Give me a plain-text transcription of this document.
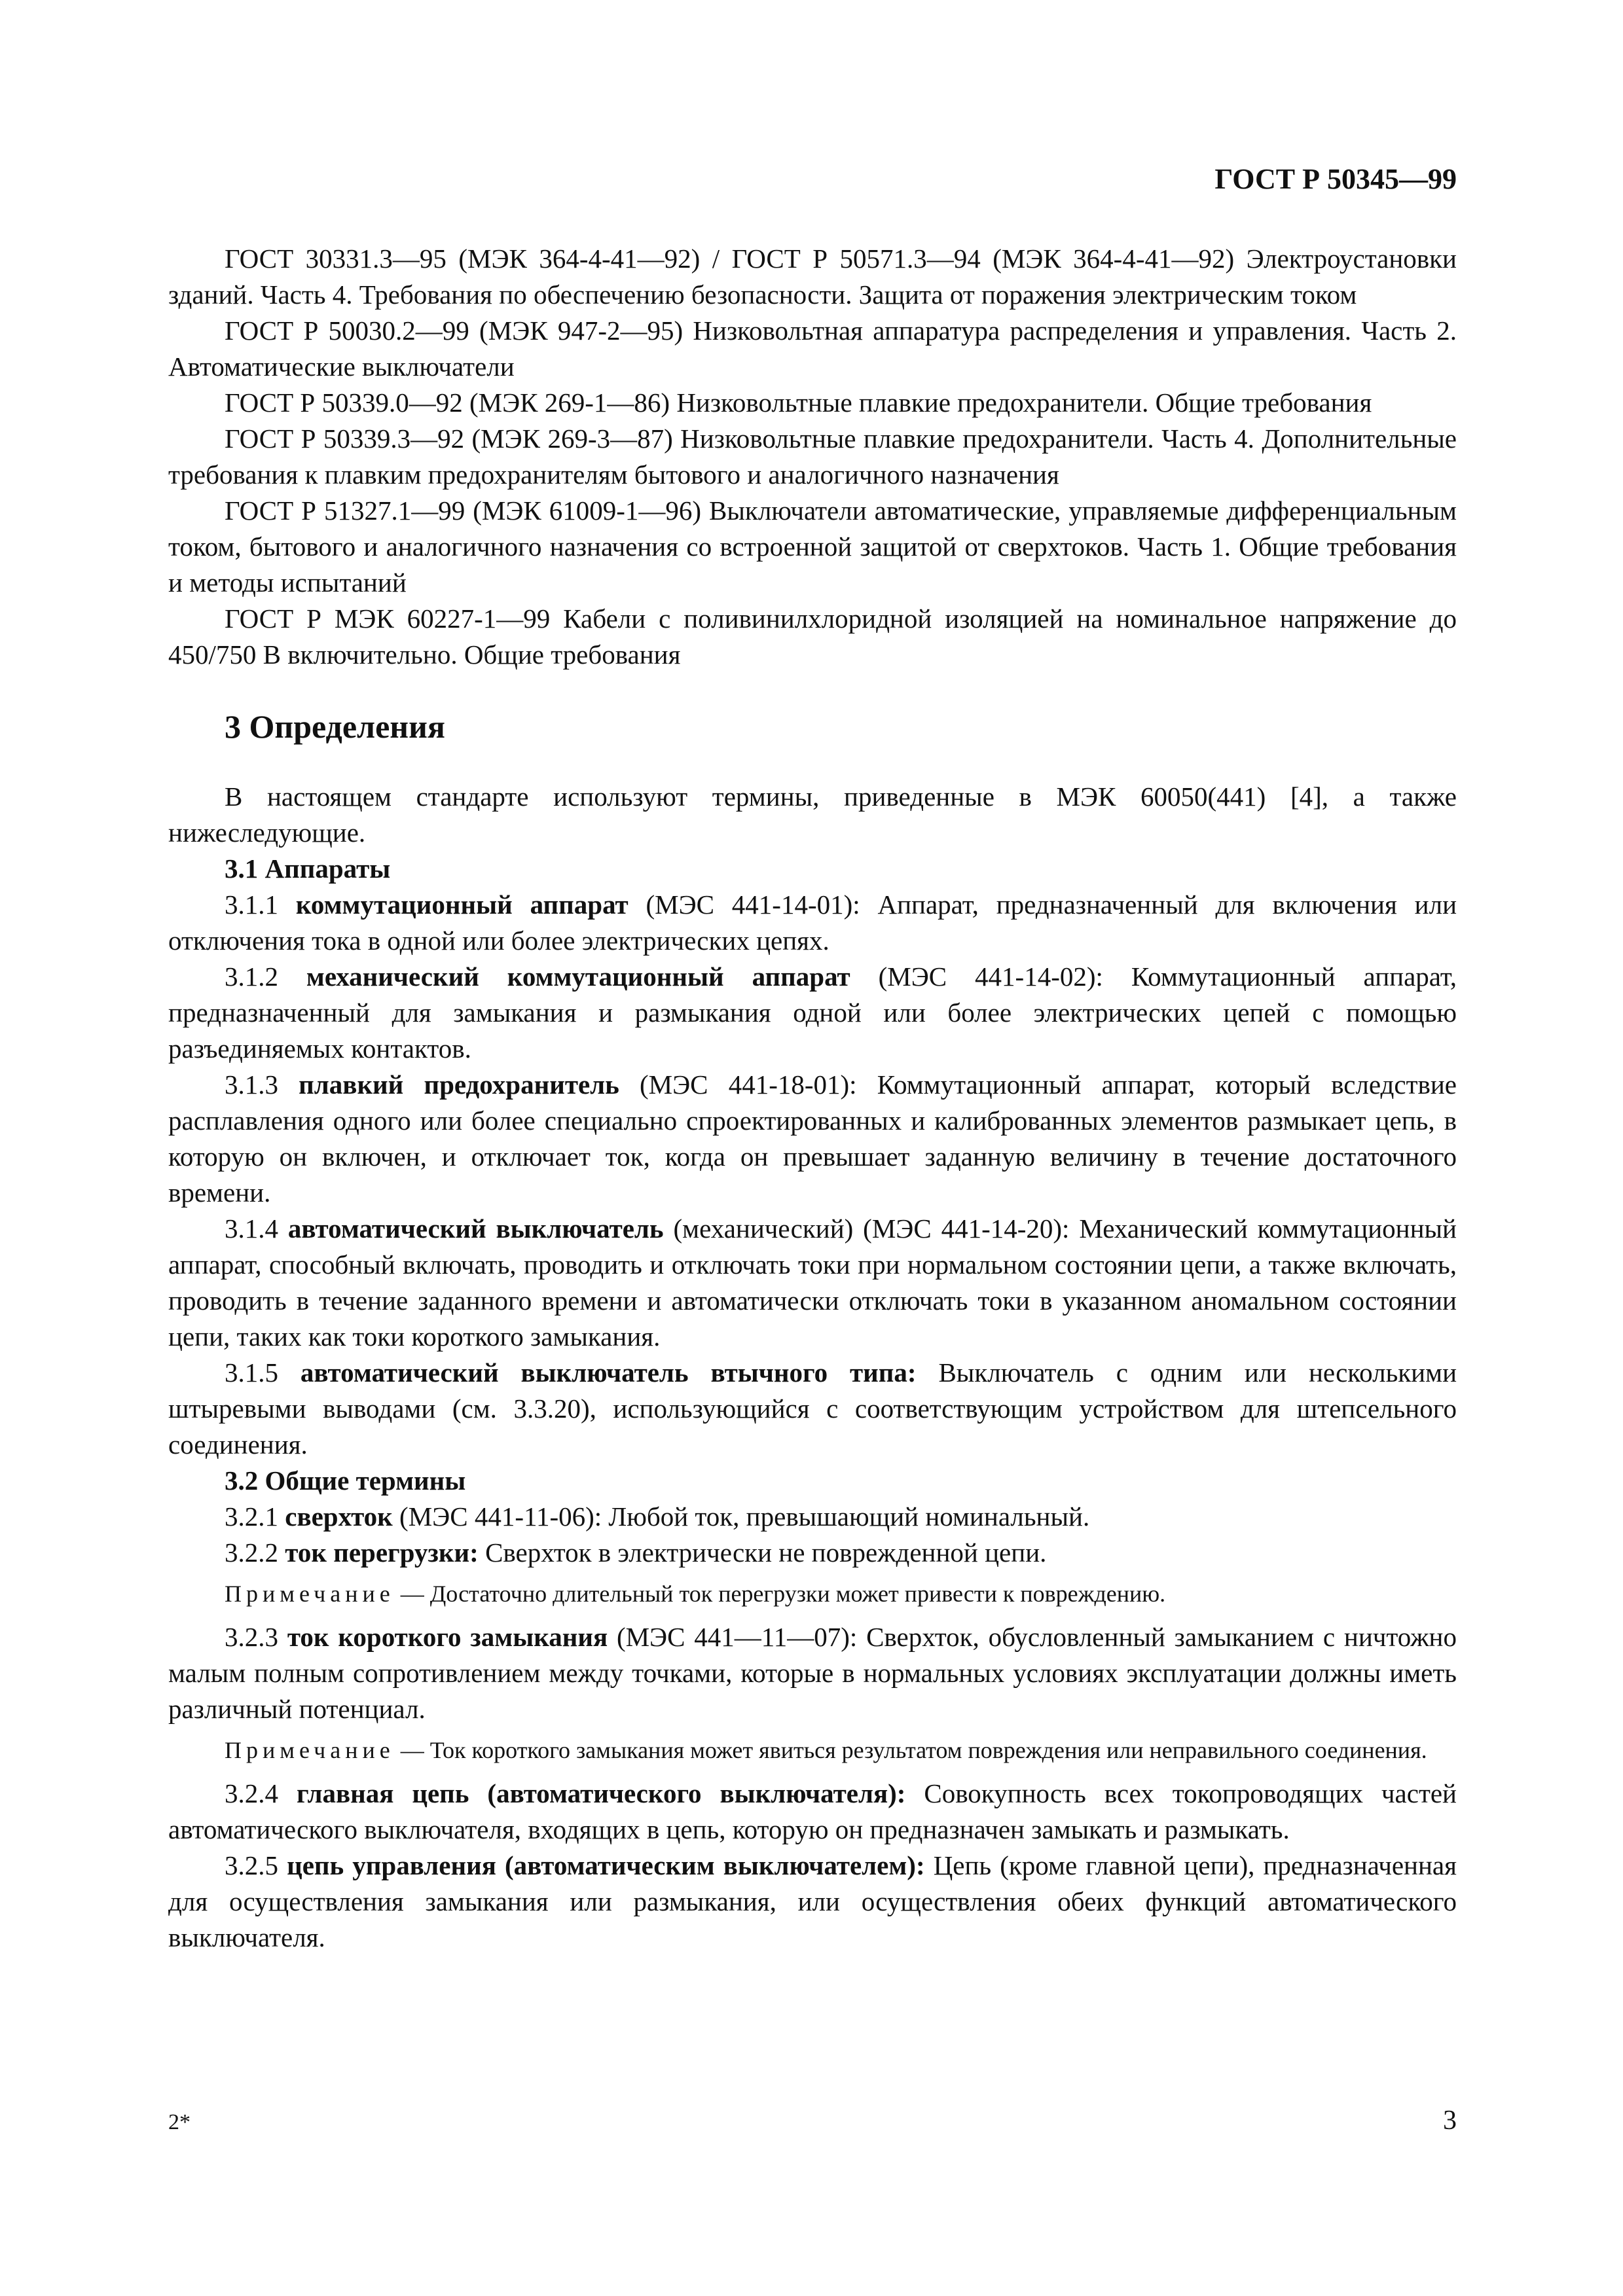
ГОСТ Р 50345—99

ГОСТ 30331.3—95 (МЭК 364-4-41—92) / ГОСТ Р 50571.3—94 (МЭК 364-4-41—92) Электроустановки зданий. Часть 4. Требования по обеспечению безопасности. Защита от поражения электрическим током

ГОСТ Р 50030.2—99 (МЭК 947-2—95) Низковольтная аппаратура распределения и управления. Часть 2. Автоматические выключатели

ГОСТ Р 50339.0—92 (МЭК 269-1—86) Низковольтные плавкие предохранители. Общие требования

ГОСТ Р 50339.3—92 (МЭК 269-3—87) Низковольтные плавкие предохранители. Часть 4. Дополнительные требования к плавким предохранителям бытового и аналогичного назначения

ГОСТ Р 51327.1—99 (МЭК 61009-1—96) Выключатели автоматические, управляемые дифференциальным током, бытового и аналогичного назначения со встроенной защитой от сверхтоков. Часть 1. Общие требования и методы испытаний

ГОСТ Р МЭК 60227-1—99 Кабели с поливинилхлоридной изоляцией на номинальное напряжение до 450/750 В включительно. Общие требования

3 Определения

В настоящем стандарте используют термины, приведенные в МЭК 60050(441) [4], а также нижеследующие.

3.1 Аппараты

3.1.1 коммутационный аппарат (МЭС 441-14-01): Аппарат, предназначенный для включения или отключения тока в одной или более электрических цепях.

3.1.2 механический коммутационный аппарат (МЭС 441-14-02): Коммутационный аппарат, предназначенный для замыкания и размыкания одной или более электрических цепей с помощью разъединяемых контактов.

3.1.3 плавкий предохранитель (МЭС 441-18-01): Коммутационный аппарат, который вследствие расплавления одного или более специально спроектированных и калиброванных элементов размыкает цепь, в которую он включен, и отключает ток, когда он превышает заданную величину в течение достаточного времени.

3.1.4 автоматический выключатель (механический) (МЭС 441-14-20): Механический коммутационный аппарат, способный включать, проводить и отключать токи при нормальном состоянии цепи, а также включать, проводить в течение заданного времени и автоматически отключать токи в указанном аномальном состоянии цепи, таких как токи короткого замыкания.

3.1.5 автоматический выключатель втычного типа: Выключатель с одним или несколькими штыревыми выводами (см. 3.3.20), использующийся с соответствующим устройством для штепсельного соединения.

3.2 Общие термины

3.2.1 сверхток (МЭС 441-11-06): Любой ток, превышающий номинальный.

3.2.2 ток перегрузки: Сверхток в электрически не поврежденной цепи.

Примечание — Достаточно длительный ток перегрузки может привести к повреждению.

3.2.3 ток короткого замыкания (МЭС 441—11—07): Сверхток, обусловленный замыканием с ничтожно малым полным сопротивлением между точками, которые в нормальных условиях эксплуатации должны иметь различный потенциал.

Примечание — Ток короткого замыкания может явиться результатом повреждения или неправильного соединения.

3.2.4 главная цепь (автоматического выключателя): Совокупность всех токопроводящих частей автоматического выключателя, входящих в цепь, которую он предназначен замыкать и размыкать.

3.2.5 цепь управления (автоматическим выключателем): Цепь (кроме главной цепи), предназначенная для осуществления замыкания или размыкания, или осуществления обеих функций автоматического выключателя.

2*	3
